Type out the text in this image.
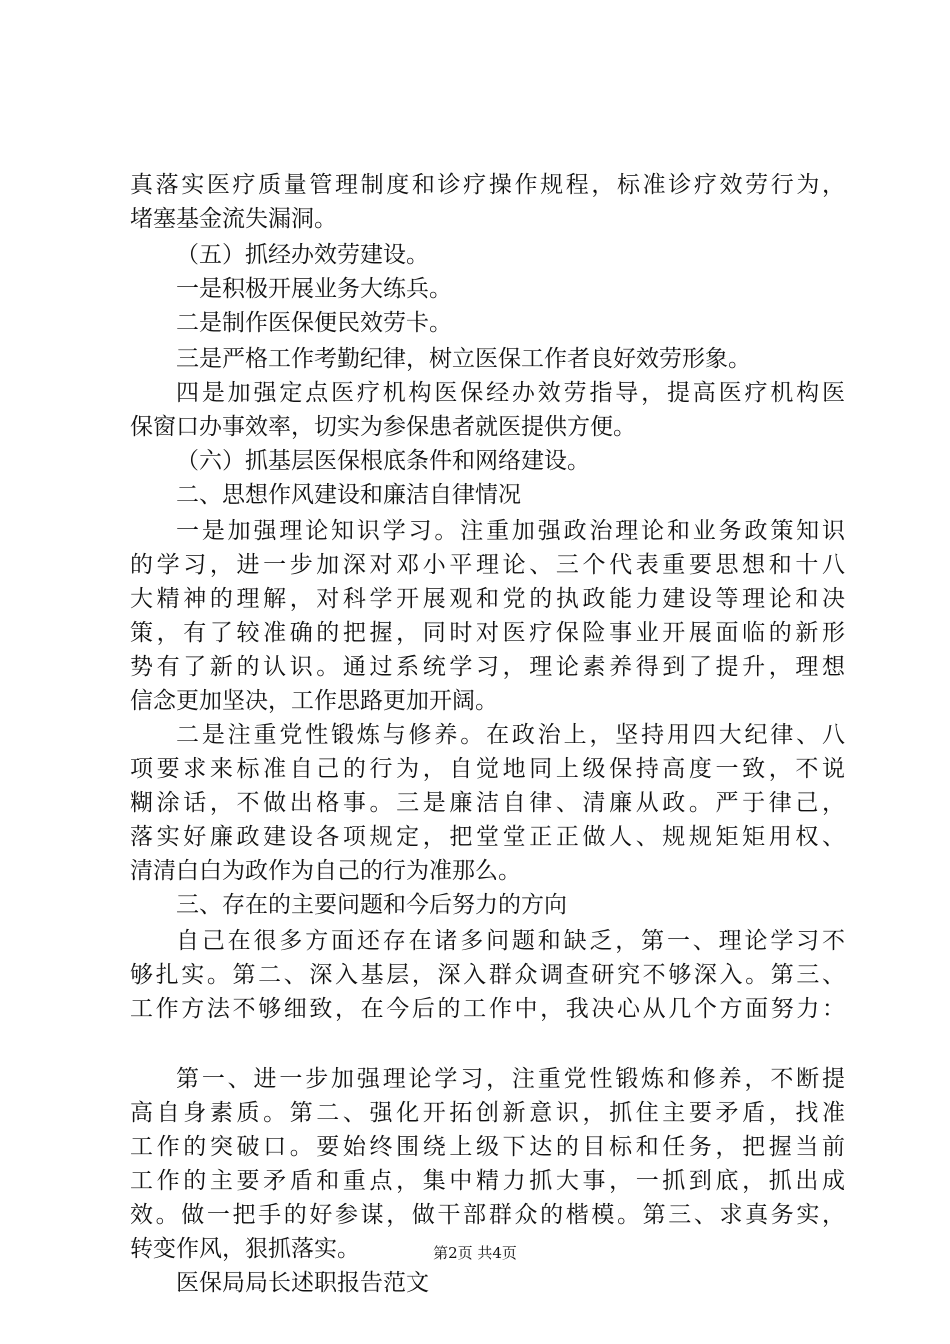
真落实医疗质量管理制度和诊疗操作规程，标准诊疗效劳行为，
堵塞基金流失漏洞。
（五）抓经办效劳建设。
一是积极开展业务大练兵。
二是制作医保便民效劳卡。
三是严格工作考勤纪律，树立医保工作者良好效劳形象。
四是加强定点医疗机构医保经办效劳指导，提高医疗机构医
保窗口办事效率，切实为参保患者就医提供方便。
（六）抓基层医保根底条件和网络建设。
二、思想作风建设和廉洁自律情况
一是加强理论知识学习。注重加强政治理论和业务政策知识
的学习，进一步加深对邓小平理论、三个代表重要思想和十八
大精神的理解，对科学开展观和党的执政能力建设等理论和决
策，有了较准确的把握，同时对医疗保险事业开展面临的新形
势有了新的认识。通过系统学习，理论素养得到了提升，理想
信念更加坚决，工作思路更加开阔。
二是注重党性锻炼与修养。在政治上，坚持用四大纪律、八
项要求来标准自己的行为，自觉地同上级保持高度一致，不说
糊涂话，不做出格事。三是廉洁自律、清廉从政。严于律己，
落实好廉政建设各项规定，把堂堂正正做人、规规矩矩用权、
清清白白为政作为自己的行为准那么。
三、存在的主要问题和今后努力的方向
自己在很多方面还存在诸多问题和缺乏，第一、理论学习不
够扎实。第二、深入基层，深入群众调查研究不够深入。第三、
工作方法不够细致，在今后的工作中，我决心从几个方面努力：
第一、进一步加强理论学习，注重党性锻炼和修养，不断提
高自身素质。第二、强化开拓创新意识，抓住主要矛盾，找准
工作的突破口。要始终围绕上级下达的目标和任务，把握当前
工作的主要矛盾和重点，集中精力抓大事，一抓到底，抓出成
效。做一把手的好参谋，做干部群众的楷模。第三、求真务实，
转变作风，狠抓落实。
医保局局长述职报告范文
第2页 共4页
